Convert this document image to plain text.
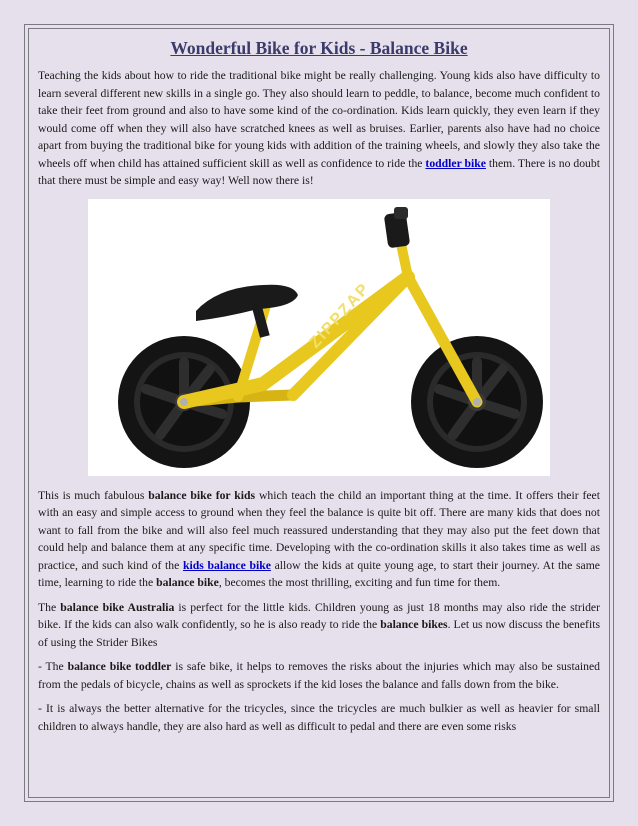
Wonderful Bike for Kids - Balance Bike

Teaching the kids about how to ride the traditional bike might be really challenging. Young kids also have difficulty to learn several different new skills in a single go. They also should learn to peddle, to balance, become much confident to take their feet from ground and also to have some kind of the co-ordination. Kids learn quickly, they even learn if they would come off when they will also have scratched knees as well as bruises. Earlier, parents also have had no choice apart from buying the traditional bike for young kids with addition of the training wheels, and slowly they also take the wheels off when child has attained sufficient skill as well as confidence to ride the toddler bike them. There is no doubt that there must be simple and easy way! Well now there is!

ZIPPZAP

This is much fabulous balance bike for kids which teach the child an important thing at the time. It offers their feet with an easy and simple access to ground when they feel the balance is quite bit off. There are many kids that does not want to fall from the bike and will also feel much reassured understanding that they may also put the feet down that could help and balance them at any specific time. Developing with the co-ordination skills it also takes time as well as practice, and such kind of the kids balance bike allow the kids at quite young age, to start their journey. At the same time, learning to ride the balance bike, becomes the most thrilling, exciting and fun time for them.

The balance bike Australia is perfect for the little kids. Children young as just 18 months may also ride the strider bike. If the kids can also walk confidently, so he is also ready to ride the balance bikes. Let us now discuss the benefits of using the Strider Bikes

- The balance bike toddler is safe bike, it helps to removes the risks about the injuries which may also be sustained from the pedals of bicycle, chains as well as sprockets if the kid loses the balance and falls down from the bike.

- It is always the better alternative for the tricycles, since the tricycles are much bulkier as well as heavier for small children to always handle, they are also hard as well as difficult to pedal and there are even some risks
